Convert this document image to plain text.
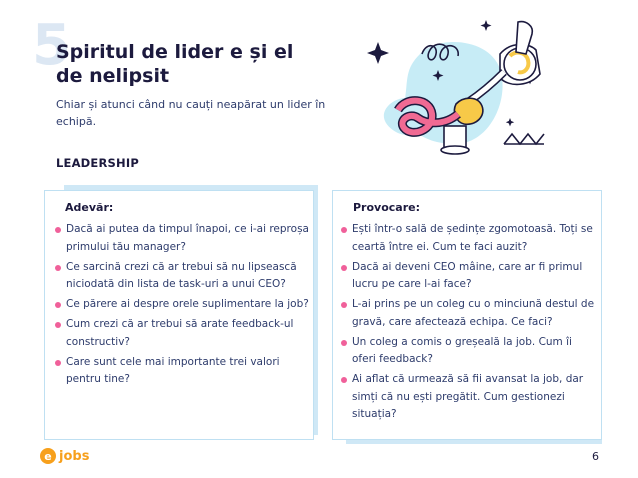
5
Spiritul de lider e și el de nelipsit
Chiar și atunci când nu cauți neapărat un lider în echipă.
LEADERSHIP
Adevăr:
Dacă ai putea da timpul înapoi, ce i-ai reproșa primului tău manager?
Ce sarcină crezi că ar trebui să nu lipsească niciodată din lista de task-uri a unui CEO?
Ce părere ai despre orele suplimentare la job?
Cum crezi că ar trebui să arate feedback-ul constructiv?
Care sunt cele mai importante trei valori pentru tine?
Provocare:
Ești într-o sală de ședințe zgomotoasă. Toți se ceartă între ei. Cum te faci auzit?
Dacă ai deveni CEO mâine, care ar fi primul lucru pe care l-ai face?
L-ai prins pe un coleg cu o minciună destul de gravă, care afectează echipa. Ce faci?
Un coleg a comis o greșeală la job. Cum îi oferi feedback?
Ai aflat că urmează să fii avansat la job, dar simți că nu ești pregătit. Cum gestionezi situația?
e jobs	6
